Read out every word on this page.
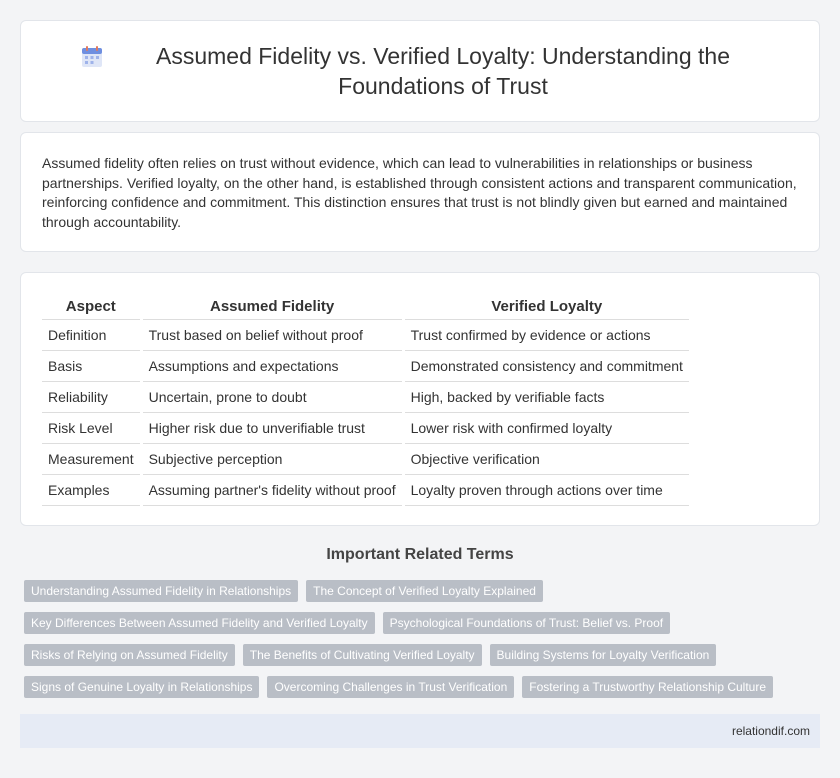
Assumed Fidelity vs. Verified Loyalty: Understanding the Foundations of Trust

Assumed fidelity often relies on trust without evidence, which can lead to vulnerabilities in relationships or business partnerships. Verified loyalty, on the other hand, is established through consistent actions and transparent communication, reinforcing confidence and commitment. This distinction ensures that trust is not blindly given but earned and maintained through accountability.

Aspect	Assumed Fidelity	Verified Loyalty
Definition	Trust based on belief without proof	Trust confirmed by evidence or actions
Basis	Assumptions and expectations	Demonstrated consistency and commitment
Reliability	Uncertain, prone to doubt	High, backed by verifiable facts
Risk Level	Higher risk due to unverifiable trust	Lower risk with confirmed loyalty
Measurement	Subjective perception	Objective verification
Examples	Assuming partner's fidelity without proof	Loyalty proven through actions over time
Important Related Terms
Understanding Assumed Fidelity in Relationships	The Concept of Verified Loyalty Explained
Key Differences Between Assumed Fidelity and Verified Loyalty	Psychological Foundations of Trust: Belief vs. Proof
Risks of Relying on Assumed Fidelity	The Benefits of Cultivating Verified Loyalty	Building Systems for Loyalty Verification
Signs of Genuine Loyalty in Relationships	Overcoming Challenges in Trust Verification	Fostering a Trustworthy Relationship Culture
relationdif.com
